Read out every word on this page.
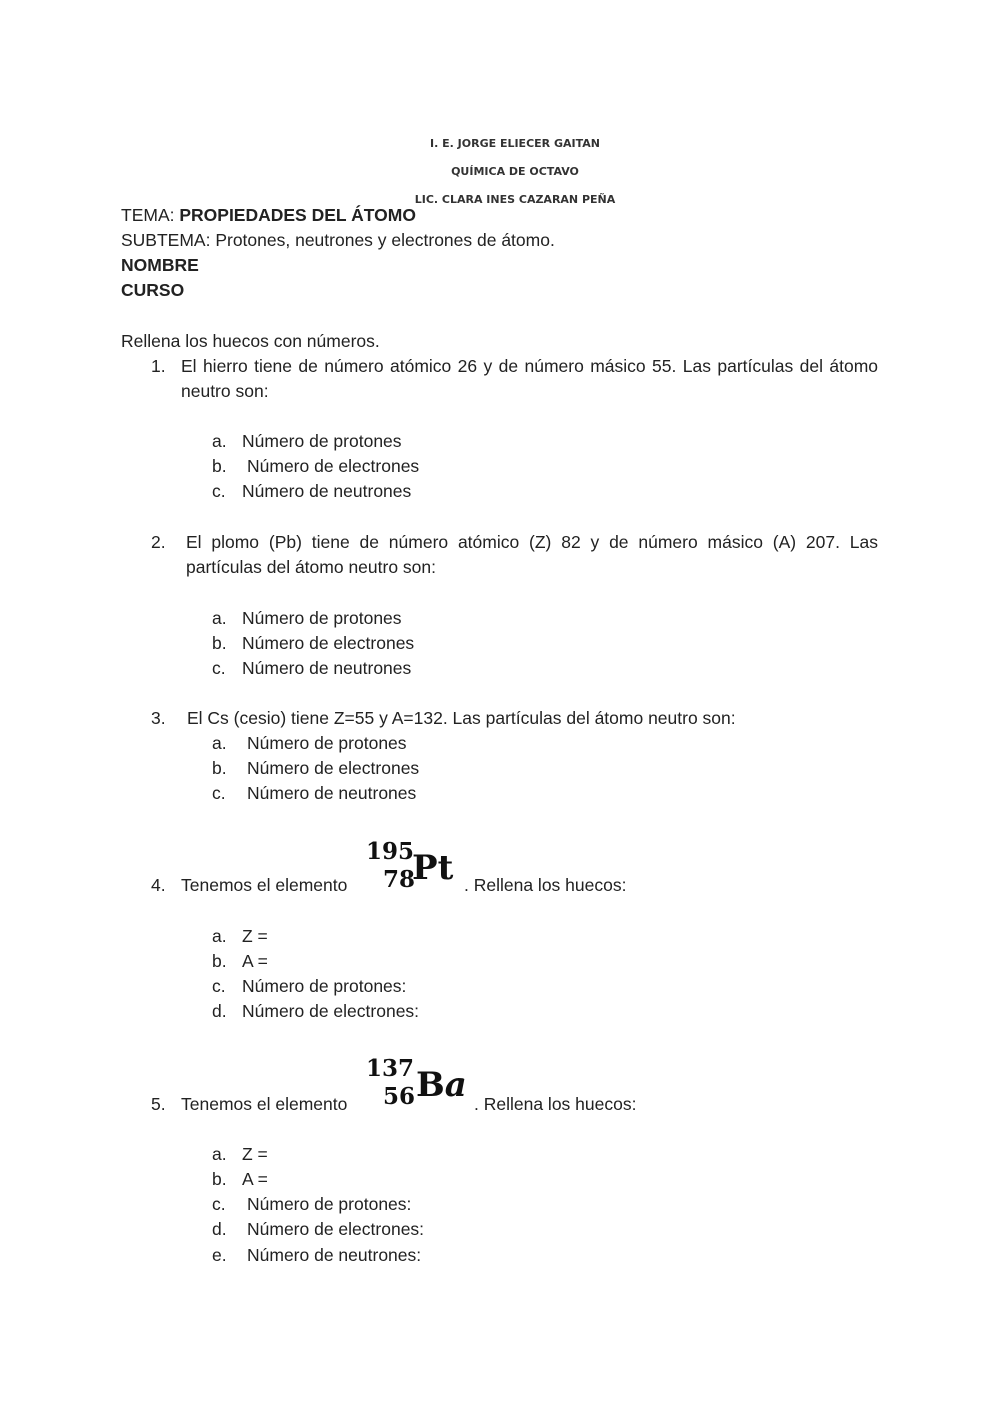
I. E. JORGE ELIECER GAITAN
QUÍMICA DE OCTAVO
LIC. CLARA INES CAZARAN PEÑA
TEMA: PROPIEDADES DEL ÁTOMO
SUBTEMA: Protones, neutrones y electrones de átomo.
NOMBRE
CURSO
Rellena los huecos con números.
1. El hierro tiene de número atómico 26 y de número másico 55. Las partículas del átomo neutro son:
a. Número de protones
b. Número de electrones
c. Número de neutrones
2. El plomo (Pb) tiene de número atómico (Z) 82 y de número másico (A) 207. Las partículas del átomo neutro son:
a. Número de protones
b. Número de electrones
c. Número de neutrones
3. El Cs (cesio) tiene Z=55 y A=132. Las partículas del átomo neutro son:
a. Número de protones
b. Número de electrones
c. Número de neutrones
4. Tenemos el elemento
195
78
Pt . Rellena los huecos:
a. Z =
b. A =
c. Número de protones:
d. Número de electrones:
5. Tenemos el elemento
137
56 Ba . Rellena los huecos:
a. Z =
b. A =
c. Número de protones:
d. Número de electrones:
e. Número de neutrones:
